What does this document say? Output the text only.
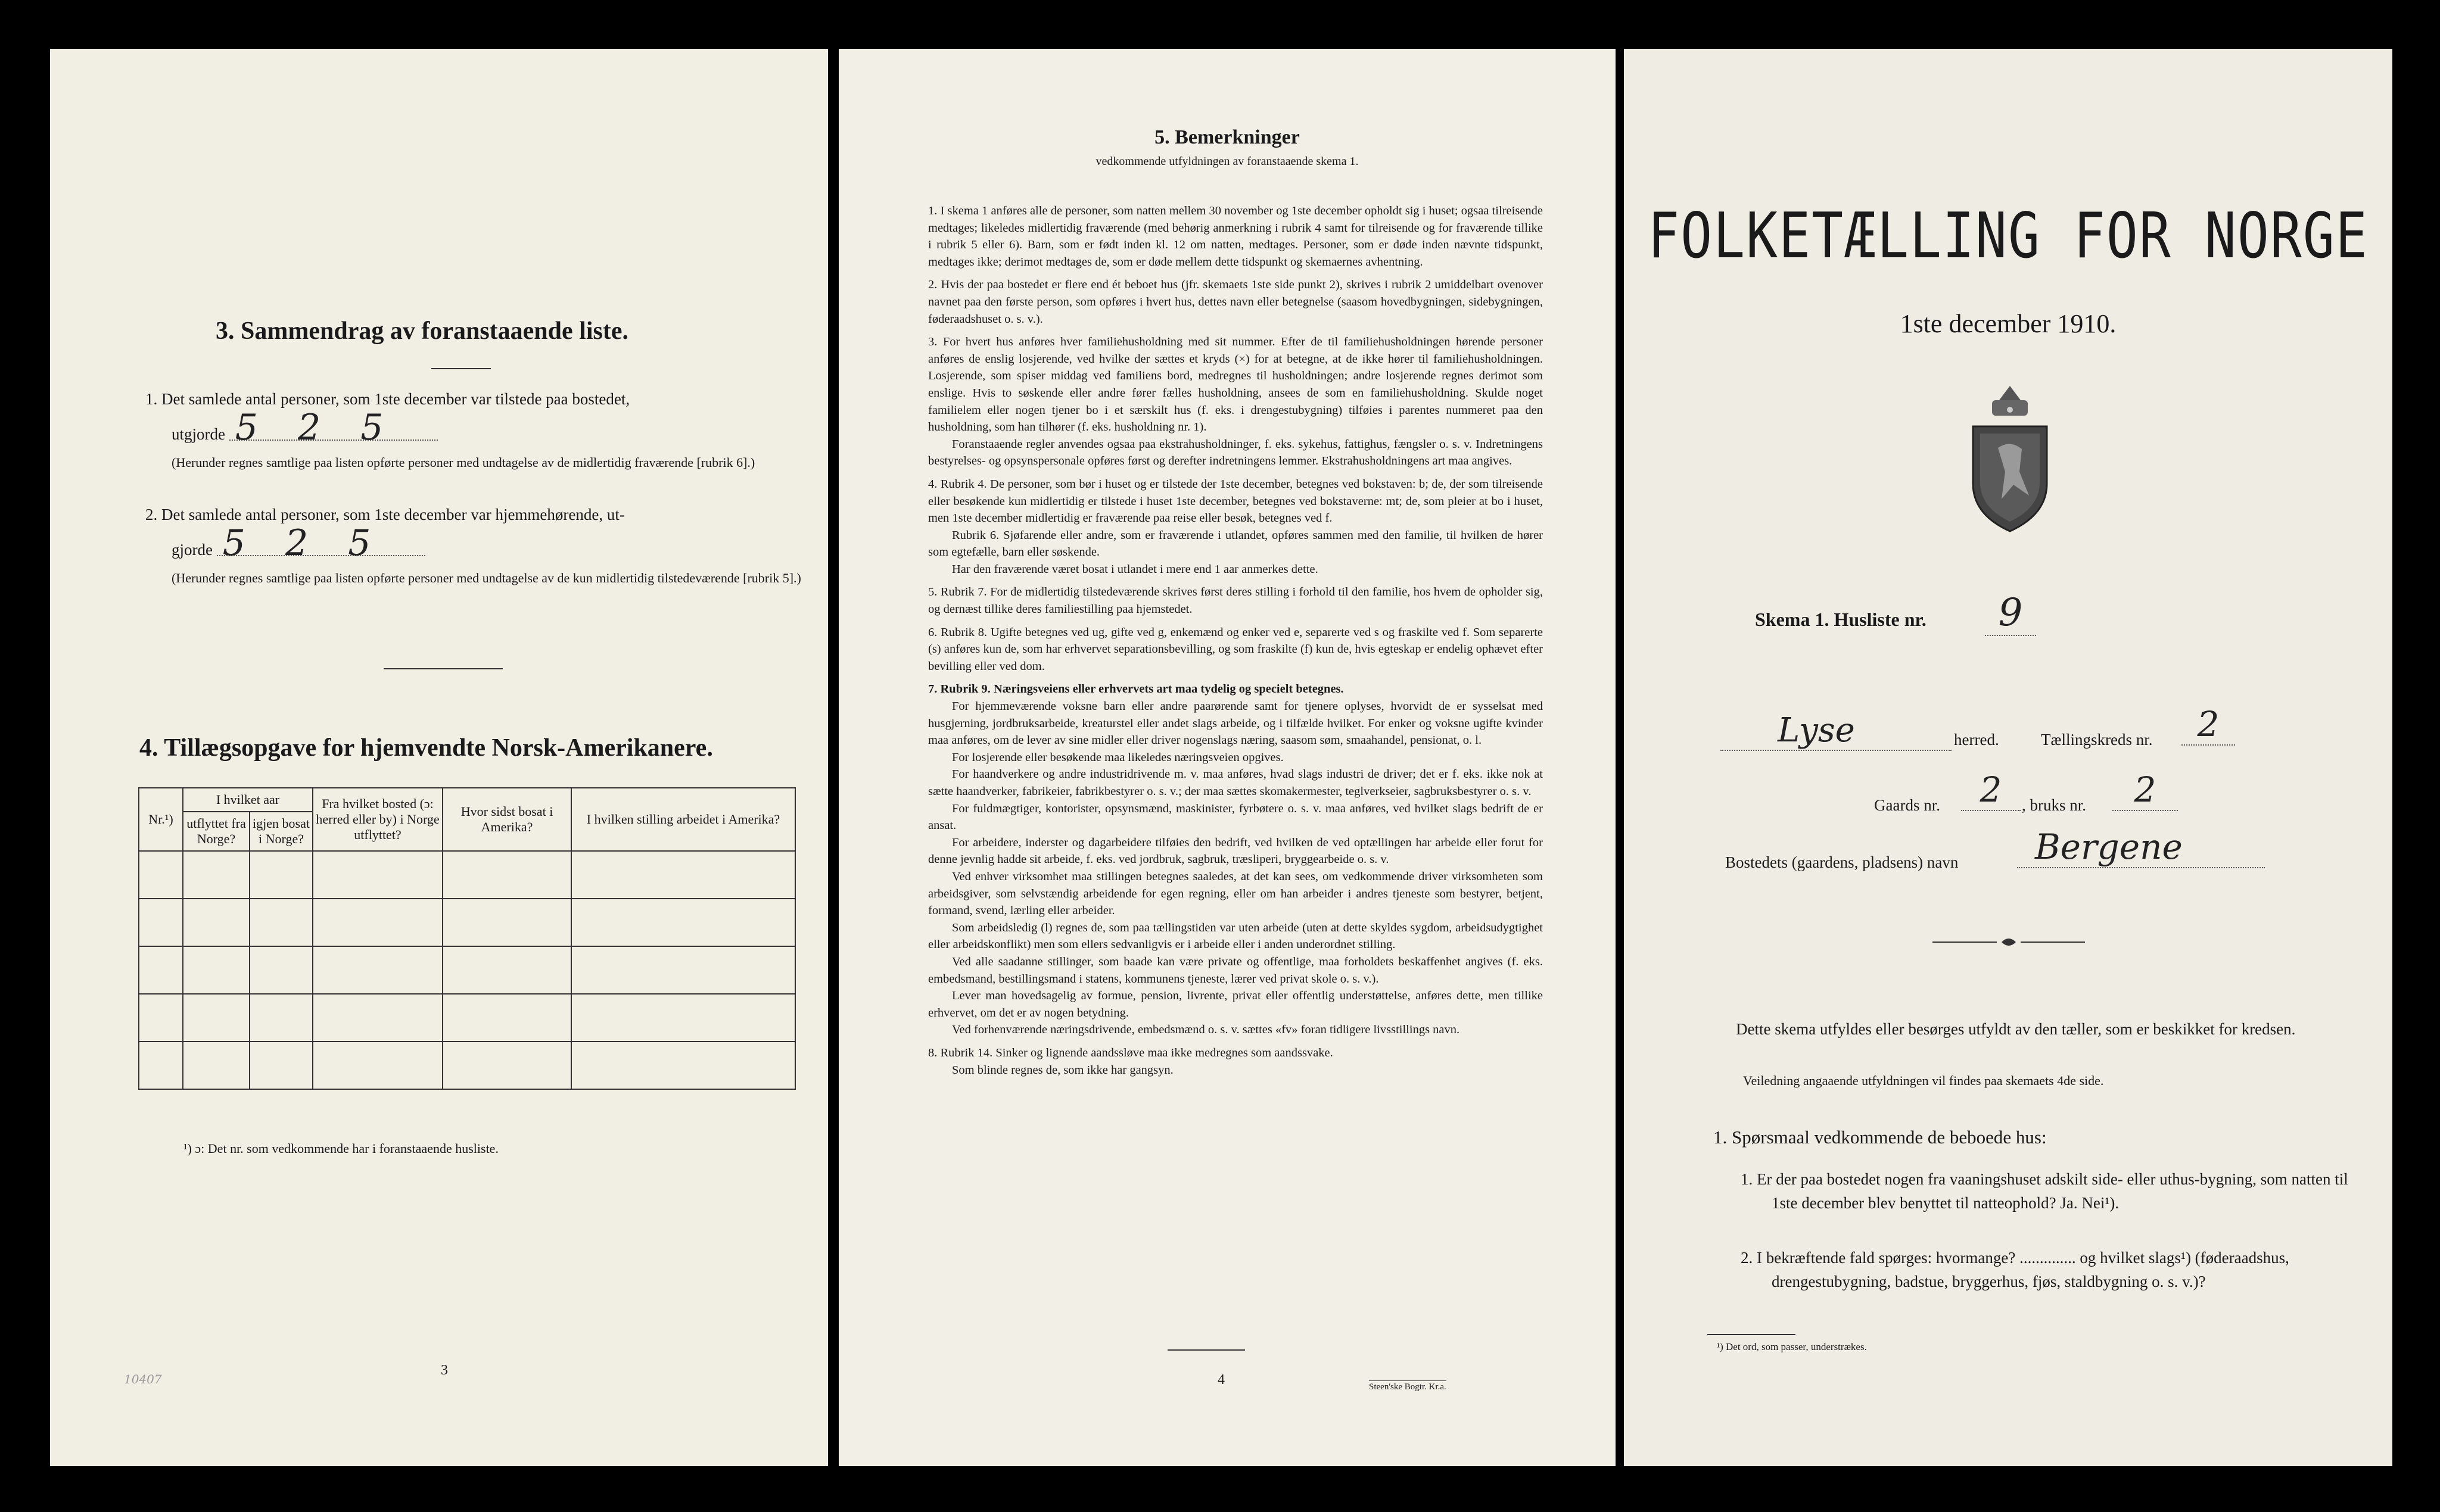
3. Sammendrag av foranstaaende liste.
1. Det samlede antal personer, som 1ste december var tilstede paa bostedet,
utgjorde 5 2 5
(Herunder regnes samtlige paa listen opførte personer med undtagelse av de midlertidig fraværende [rubrik 6].)
2. Det samlede antal personer, som 1ste december var hjemmehørende, ut-
gjorde 5 2 5
(Herunder regnes samtlige paa listen opførte personer med undtagelse av de kun midlertidig tilstedeværende [rubrik 5].)
4. Tillægsopgave for hjemvendte Norsk-Amerikanere.
Nr.¹)	I hvilket aar		Fra hvilket bosted (ɔ: herred eller by) i Norge utflyttet?	Hvor sidst bosat i Amerika?	I hvilken stilling arbeidet i Amerika?
	utflyttet fra Norge?	igjen bosat i Norge?			

¹) ɔ: Det nr. som vedkommende har i foranstaaende husliste.
3
10407
5. Bemerkninger
vedkommende utfyldningen av foranstaaende skema 1.

1. I skema 1 anføres alle de personer, som natten mellem 30 november og 1ste december opholdt sig i huset; ogsaa tilreisende medtages; likeledes midlertidig fraværende (med behørig anmerkning i rubrik 4 samt for tilreisende og for fraværende tillike i rubrik 5 eller 6). Barn, som er født inden kl. 12 om natten, medtages. Personer, som er døde inden nævnte tidspunkt, medtages ikke; derimot medtages de, som er døde mellem dette tidspunkt og skemaernes avhentning.

2. Hvis der paa bostedet er flere end ét beboet hus (jfr. skemaets 1ste side punkt 2), skrives i rubrik 2 umiddelbart ovenover navnet paa den første person, som opføres i hvert hus, dettes navn eller betegnelse (saasom hovedbygningen, sidebygningen, føderaadshuset o. s. v.).

3. For hvert hus anføres hver familiehusholdning med sit nummer. Efter de til familiehusholdningen hørende personer anføres de enslig losjerende, ved hvilke der sættes et kryds (×) for at betegne, at de ikke hører til familiehusholdningen. Losjerende, som spiser middag ved familiens bord, medregnes til husholdningen; andre losjerende regnes derimot som enslige. Hvis to søskende eller andre fører fælles husholdning, ansees de som en familiehusholdning. Skulde noget familielem eller nogen tjener bo i et særskilt hus (f. eks. i drengestubygning) tilføies i parentes nummeret paa den husholdning, som han tilhører (f. eks. husholdning nr. 1).

Foranstaaende regler anvendes ogsaa paa ekstrahusholdninger, f. eks. sykehus, fattighus, fængsler o. s. v. Indretningens bestyrelses- og opsynspersonale opføres først og derefter indretningens lemmer. Ekstrahusholdningens art maa angives.

4. Rubrik 4. De personer, som bør i huset og er tilstede der 1ste december, betegnes ved bokstaven: b; de, der som tilreisende eller besøkende kun midlertidig er tilstede i huset 1ste december, betegnes ved bokstaverne: mt; de, som pleier at bo i huset, men 1ste december midlertidig er fraværende paa reise eller besøk, betegnes ved f.

Rubrik 6. Sjøfarende eller andre, som er fraværende i utlandet, opføres sammen med den familie, til hvilken de hører som egtefælle, barn eller søskende.

Har den fraværende været bosat i utlandet i mere end 1 aar anmerkes dette.

5. Rubrik 7. For de midlertidig tilstedeværende skrives først deres stilling i forhold til den familie, hos hvem de opholder sig, og dernæst tillike deres familiestilling paa hjemstedet.

6. Rubrik 8. Ugifte betegnes ved ug, gifte ved g, enkemænd og enker ved e, separerte ved s og fraskilte ved f. Som separerte (s) anføres kun de, som har erhvervet separationsbevilling, og som fraskilte (f) kun de, hvis egteskap er endelig ophævet efter bevilling eller ved dom.

7. Rubrik 9. Næringsveiens eller erhvervets art maa tydelig og specielt betegnes.

For hjemmeværende voksne barn eller andre paarørende samt for tjenere oplyses, hvorvidt de er sysselsat med husgjerning, jordbruksarbeide, kreaturstel eller andet slags arbeide, og i tilfælde hvilket. For enker og voksne ugifte kvinder maa anføres, om de lever av sine midler eller driver nogenslags næring, saasom søm, smaahandel, pensionat, o. l.

For losjerende eller besøkende maa likeledes næringsveien opgives.

For haandverkere og andre industridrivende m. v. maa anføres, hvad slags industri de driver; det er f. eks. ikke nok at sætte haandverker, fabrikeier, fabrikbestyrer o. s. v.; der maa sættes skomakermester, teglverkseier, sagbruksbestyrer o. s. v.

For fuldmægtiger, kontorister, opsynsmænd, maskinister, fyrbøtere o. s. v. maa anføres, ved hvilket slags bedrift de er ansat.

For arbeidere, inderster og dagarbeidere tilføies den bedrift, ved hvilken de ved optællingen har arbeide eller forut for denne jevnlig hadde sit arbeide, f. eks. ved jordbruk, sagbruk, træsliperi, bryggearbeide o. s. v.

Ved enhver virksomhet maa stillingen betegnes saaledes, at det kan sees, om vedkommende driver virksomheten som arbeidsgiver, som selvstændig arbeidende for egen regning, eller om han arbeider i andres tjeneste som bestyrer, betjent, formand, svend, lærling eller arbeider.

Som arbeidsledig (l) regnes de, som paa tællingstiden var uten arbeide (uten at dette skyldes sygdom, arbeidsudygtighet eller arbeidskonflikt) men som ellers sedvanligvis er i arbeide eller i anden underordnet stilling.

Ved alle saadanne stillinger, som baade kan være private og offentlige, maa forholdets beskaffenhet angives (f. eks. embedsmand, bestillingsmand i statens, kommunens tjeneste, lærer ved privat skole o. s. v.).

Lever man hovedsagelig av formue, pension, livrente, privat eller offentlig understøttelse, anføres dette, men tillike erhvervet, om det er av nogen betydning.

Ved forhenværende næringsdrivende, embedsmænd o. s. v. sættes «fv» foran tidligere livsstillings navn.

8. Rubrik 14. Sinker og lignende aandssløve maa ikke medregnes som aandssvake.

Som blinde regnes de, som ikke har gangsyn.

4	Steen'ske Bogtr. Kr.a.
FOLKETÆLLING FOR NORGE
1ste december 1910.
Skema 1. Husliste nr.	9
Lyse	herred.	Tællingskreds nr.	2
Gaards nr.	2	, bruks nr.	2
Bostedets (gaardens, pladsens) navn	Bergene
Dette skema utfyldes eller besørges utfyldt av den tæller, som er beskikket for kredsen.
Veiledning angaaende utfyldningen vil findes paa skemaets 4de side.
1. Spørsmaal vedkommende de beboede hus:
1. Er der paa bostedet nogen fra vaaningshuset adskilt side- eller uthus-bygning, som natten til 1ste december blev benyttet til natteophold? Ja. Nei¹).
2. I bekræftende fald spørges: hvormange? .............. og hvilket slags¹) (føderaadshus, drengestubygning, badstue, bryggerhus, fjøs, staldbygning o. s. v.)?
¹) Det ord, som passer, understrækes.
